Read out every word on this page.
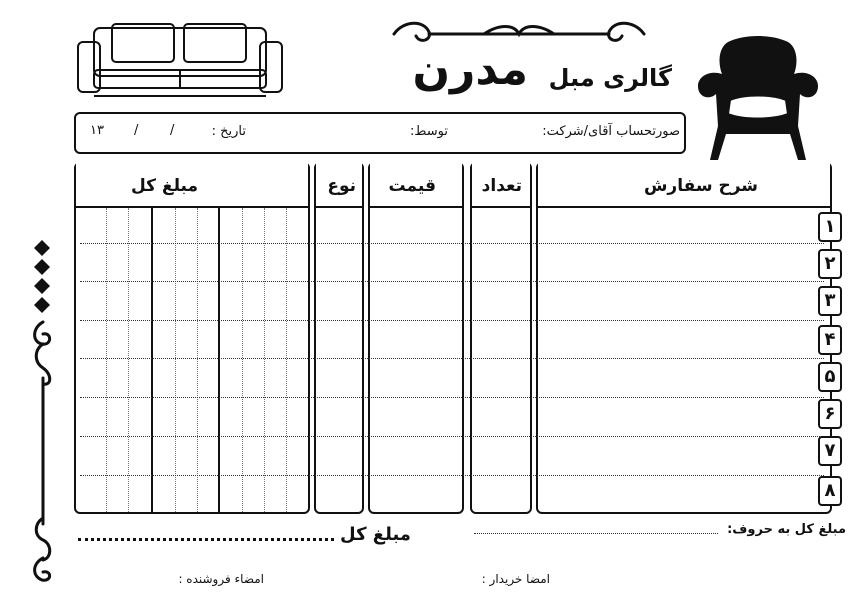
گالری مبل
مدرن
صورتحساب آقای/شرکت:
توسط:
تاریخ :
/
/
۱۳
شرح سفارش
تعداد
قیمت
نوع
مبلغ کل
۱
۲
۳
۴
۵
۶
۷
۸
مبلغ کل	مبلغ کل به حروف:
امضا خریدار :
امضاء فروشنده :
